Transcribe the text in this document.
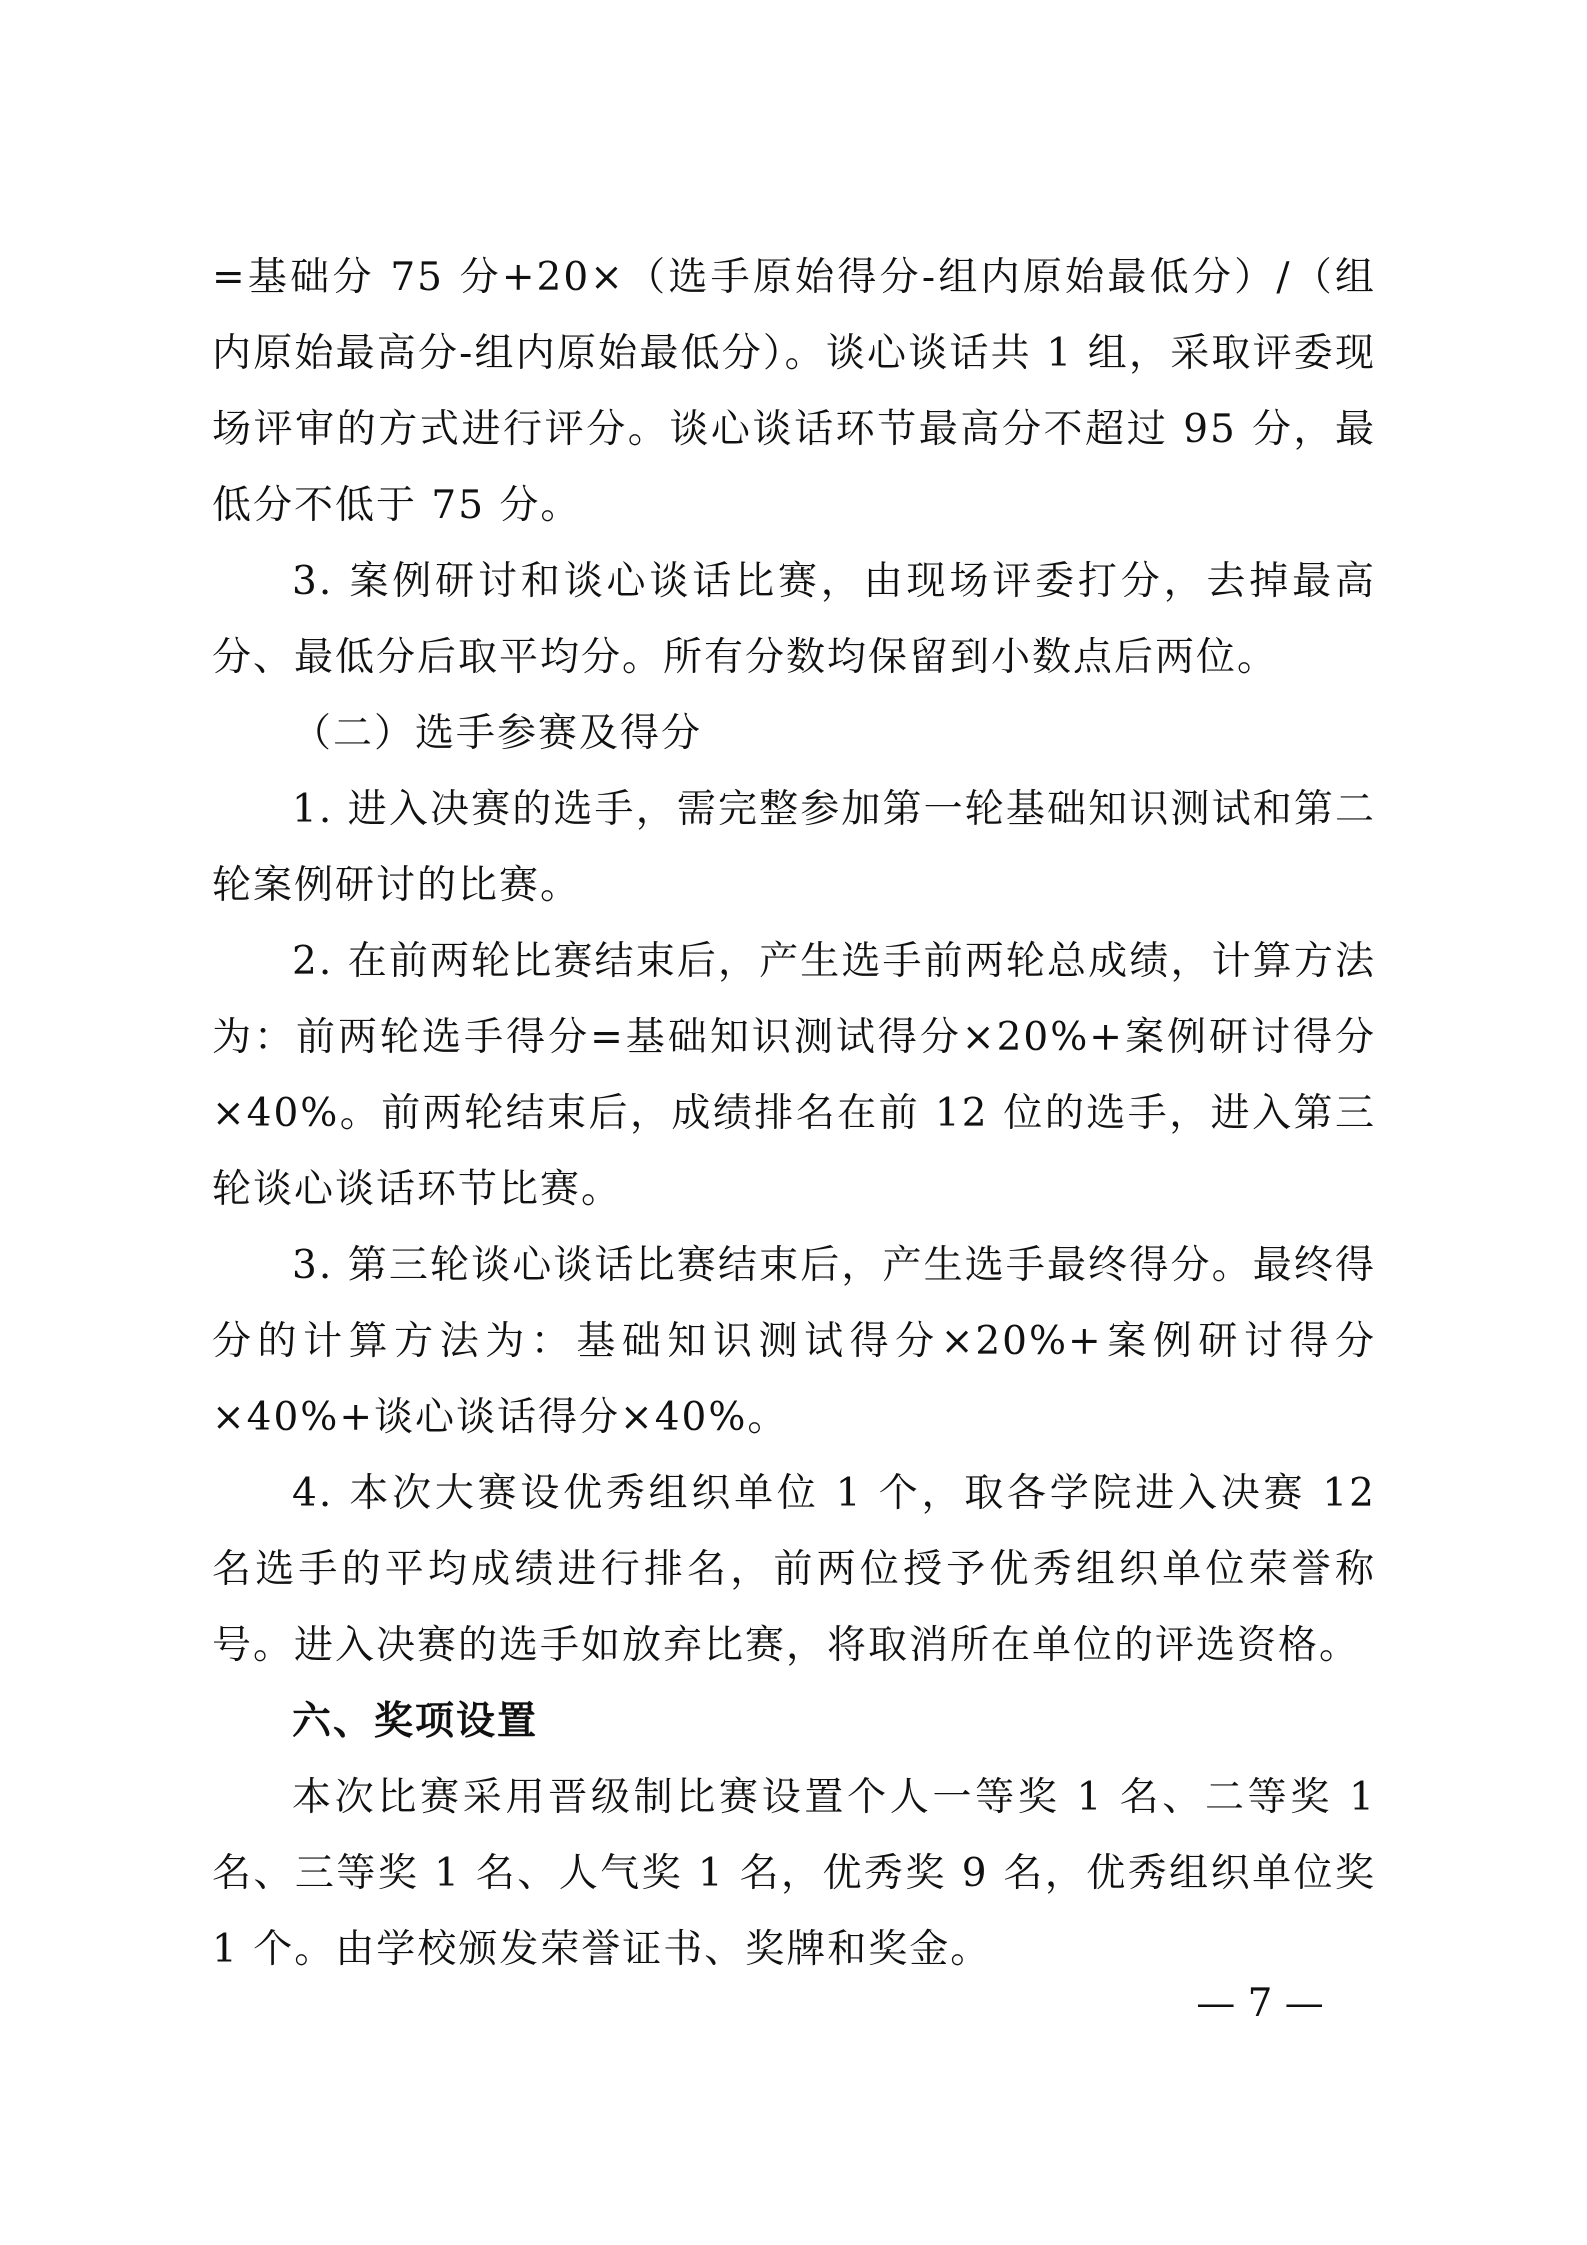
=基础分 75 分+20×（选手原始得分-组内原始最低分）/（组内原始最高分-组内原始最低分）。谈心谈话共 1 组，采取评委现场评审的方式进行评分。谈心谈话环节最高分不超过 95 分，最低分不低于 75 分。

3. 案例研讨和谈心谈话比赛，由现场评委打分，去掉最高分、最低分后取平均分。所有分数均保留到小数点后两位。

（二）选手参赛及得分

1. 进入决赛的选手，需完整参加第一轮基础知识测试和第二轮案例研讨的比赛。

2. 在前两轮比赛结束后，产生选手前两轮总成绩，计算方法为：前两轮选手得分=基础知识测试得分×20%+案例研讨得分×40%。前两轮结束后，成绩排名在前 12 位的选手，进入第三轮谈心谈话环节比赛。

3. 第三轮谈心谈话比赛结束后，产生选手最终得分。最终得分的计算方法为：基础知识测试得分×20%+案例研讨得分×40%+谈心谈话得分×40%。

4. 本次大赛设优秀组织单位 1 个，取各学院进入决赛 12 名选手的平均成绩进行排名，前两位授予优秀组织单位荣誉称号。进入决赛的选手如放弃比赛，将取消所在单位的评选资格。

六、奖项设置

本次比赛采用晋级制比赛设置个人一等奖 1 名、二等奖 1 名、三等奖 1 名、人气奖 1 名，优秀奖 9 名，优秀组织单位奖 1 个。由学校颁发荣誉证书、奖牌和奖金。

— 7 —
